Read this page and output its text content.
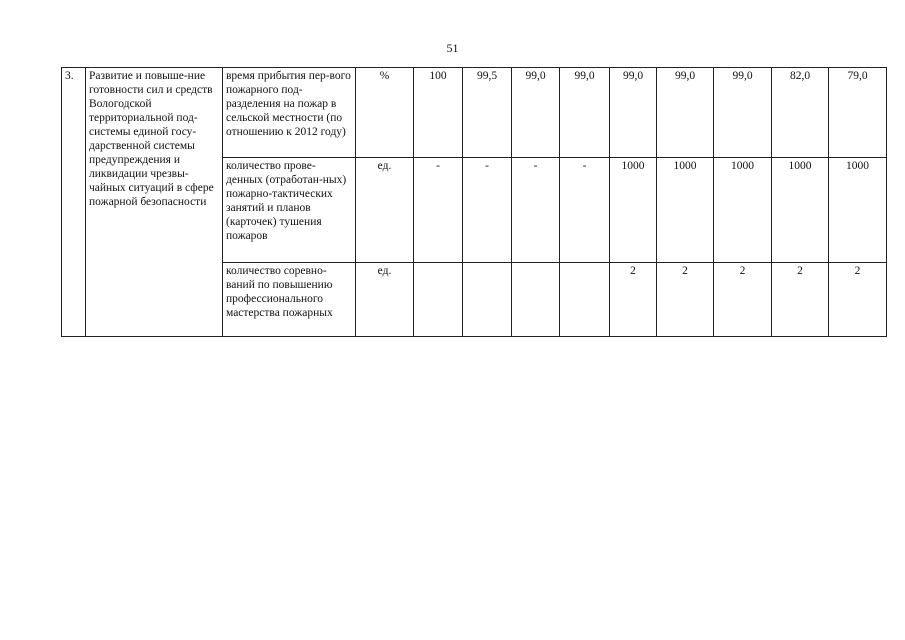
51
3.	Развитие и повыше-ние готовности сил и средств Вологодской территориальной под-системы единой госу-дарственной системы предупреждения и ликвидации чрезвы-чайных ситуаций в сфере пожарной безопасности	время прибытия пер-вого пожарного под-разделения на пожар в сельской местности (по отношению к 2012 году)	%	100	99,5	99,0	99,0	99,0	99,0	99,0	82,0	79,0
		количество прове-денных (отработан-ных) пожарно-тактических занятий и планов (карточек) тушения пожаров	ед.	-	-	-	-	1000	1000	1000	1000	1000
		количество соревно-ваний по повышению профессионального мастерства пожарных	ед.					2	2	2	2	2
